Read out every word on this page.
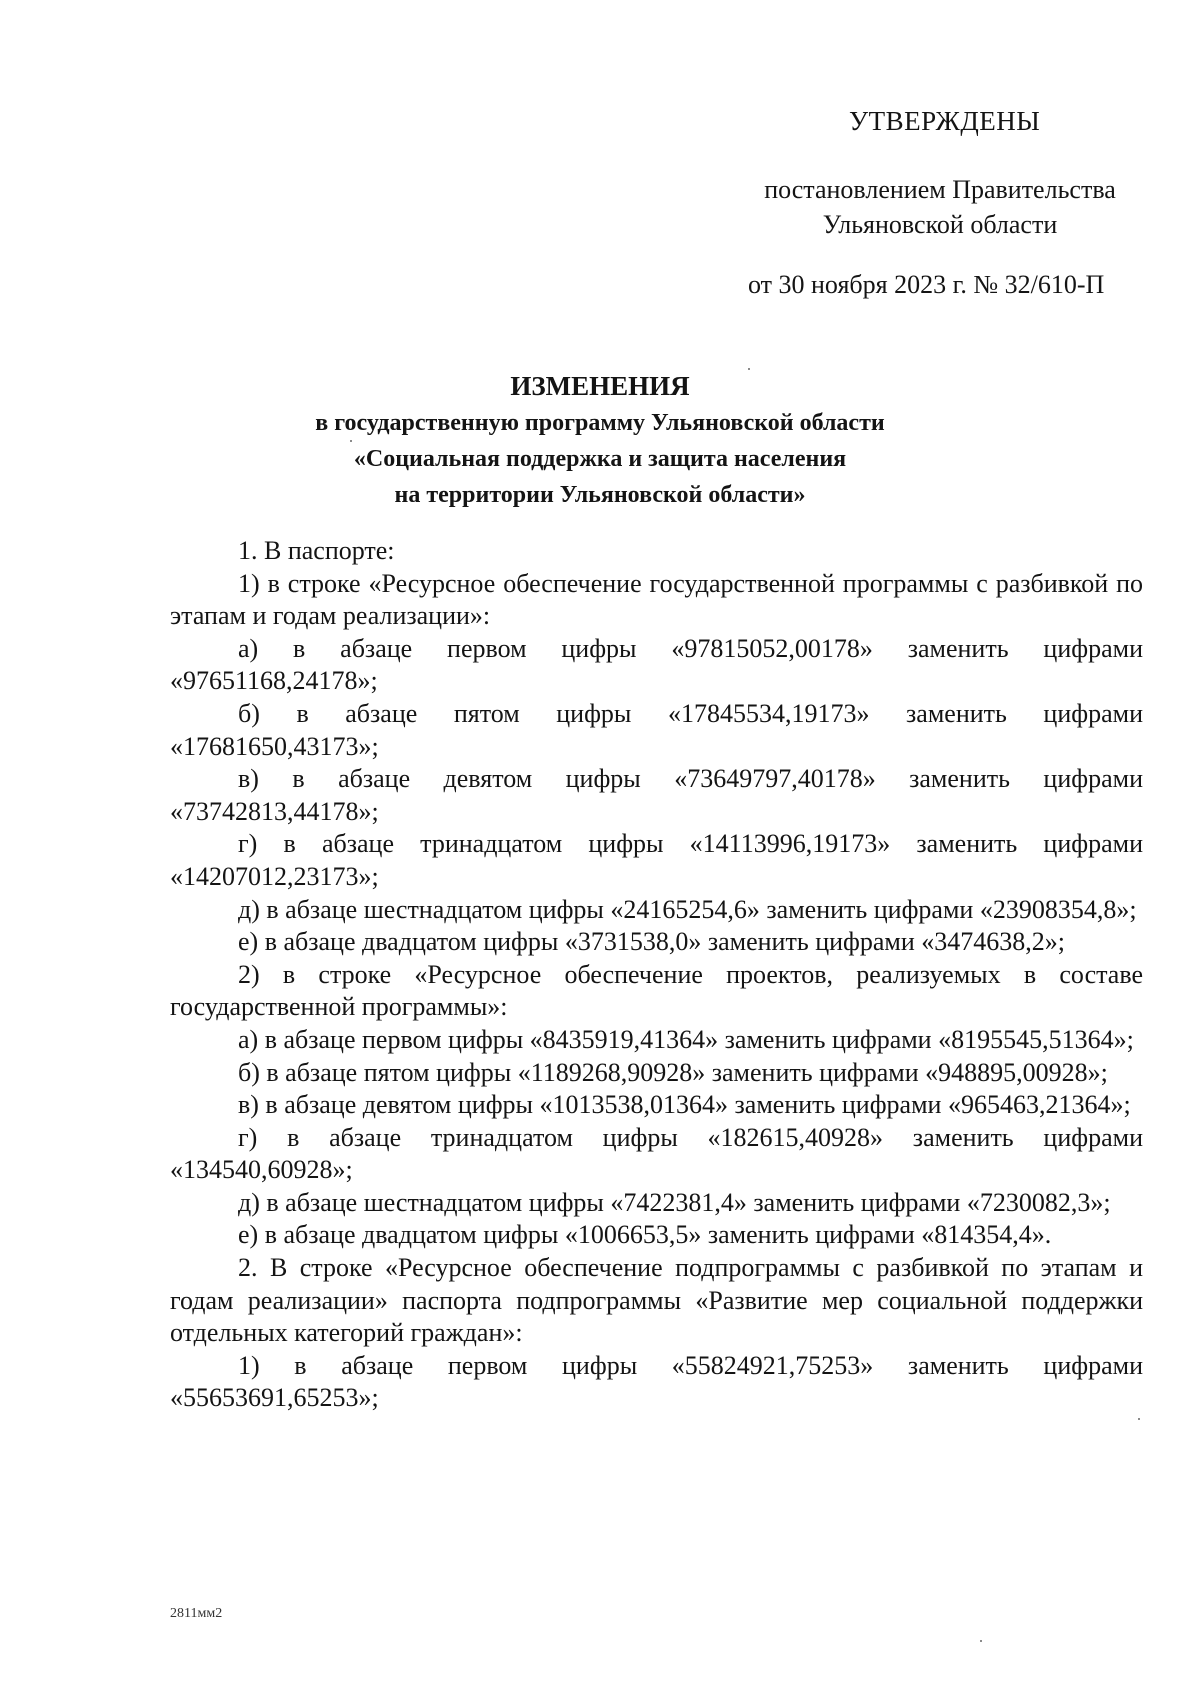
УТВЕРЖДЕНЫ
постановлением Правительства
Ульяновской области
от 30 ноября 2023 г. № 32/610-П
ИЗМЕНЕНИЯ
в государственную программу Ульяновской области
«Социальная поддержка и защита населения
на территории Ульяновской области»

1. В паспорте:

1) в строке «Ресурсное обеспечение государственной программы с разбивкой по этапам и годам реализации»:

а) в абзаце первом цифры «97815052,00178» заменить цифрами «97651168,24178»;

б) в абзаце пятом цифры «17845534,19173» заменить цифрами «17681650,43173»;

в) в абзаце девятом цифры «73649797,40178» заменить цифрами «73742813,44178»;

г) в абзаце тринадцатом цифры «14113996,19173» заменить цифрами «14207012,23173»;

д) в абзаце шестнадцатом цифры «24165254,6» заменить цифрами «23908354,8»;

е) в абзаце двадцатом цифры «3731538,0» заменить цифрами «3474638,2»;

2) в строке «Ресурсное обеспечение проектов, реализуемых в составе государственной программы»:

а) в абзаце первом цифры «8435919,41364» заменить цифрами «8195545,51364»;

б) в абзаце пятом цифры «1189268,90928» заменить цифрами «948895,00928»;

в) в абзаце девятом цифры «1013538,01364» заменить цифрами «965463,21364»;

г) в абзаце тринадцатом цифры «182615,40928» заменить цифрами «134540,60928»;

д) в абзаце шестнадцатом цифры «7422381,4» заменить цифрами «7230082,3»;

е) в абзаце двадцатом цифры «1006653,5» заменить цифрами «814354,4».

2. В строке «Ресурсное обеспечение подпрограммы с разбивкой по этапам и годам реализации» паспорта подпрограммы «Развитие мер социальной поддержки отдельных категорий граждан»:

1) в абзаце первом цифры «55824921,75253» заменить цифрами «55653691,65253»;

2811мм2
